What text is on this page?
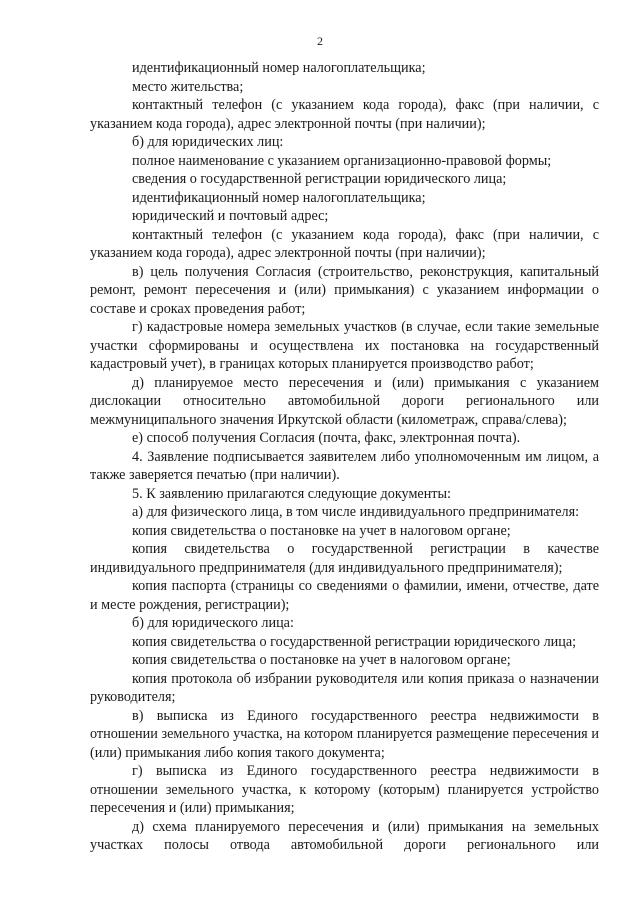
2

идентификационный номер налогоплательщика;

место жительства;

контактный телефон (с указанием кода города), факс (при наличии, с указанием кода города), адрес электронной почты (при наличии);

б) для юридических лиц:

полное наименование с указанием организационно-правовой формы;

сведения о государственной регистрации юридического лица;

идентификационный номер налогоплательщика;

юридический и почтовый адрес;

контактный телефон (с указанием кода города), факс (при наличии, с указанием кода города), адрес электронной почты (при наличии);

в) цель получения Согласия (строительство, реконструкция, капитальный ремонт, ремонт пересечения и (или) примыкания) с указанием информации о составе и сроках проведения работ;

г) кадастровые номера земельных участков (в случае, если такие земельные участки сформированы и осуществлена их постановка на государственный кадастровый учет), в границах которых планируется производство работ;

д) планируемое место пересечения и (или) примыкания с указанием дислокации относительно автомобильной дороги регионального или межмуниципального значения Иркутской области (километраж, справа/слева);

е) способ получения Согласия (почта, факс, электронная почта).

4. Заявление подписывается заявителем либо уполномоченным им лицом, а также заверяется печатью (при наличии).

5. К заявлению прилагаются следующие документы:

а) для физического лица, в том числе индивидуального предпринимателя:

копия свидетельства о постановке на учет в налоговом органе;

копия свидетельства о государственной регистрации в качестве индивидуального предпринимателя (для индивидуального предпринимателя);

копия паспорта (страницы со сведениями о фамилии, имени, отчестве, дате и месте рождения, регистрации);

б) для юридического лица:

копия свидетельства о государственной регистрации юридического лица;

копия свидетельства о постановке на учет в налоговом органе;

копия протокола об избрании руководителя или копия приказа о назначении руководителя;

в) выписка из Единого государственного реестра недвижимости в отношении земельного участка, на котором планируется размещение пересечения и (или) примыкания либо копия такого документа;

г) выписка из Единого государственного реестра недвижимости в отношении земельного участка, к которому (которым) планируется устройство пересечения и (или) примыкания;

д) схема планируемого пересечения и (или) примыкания на земельных участках полосы отвода автомобильной дороги регионального или
